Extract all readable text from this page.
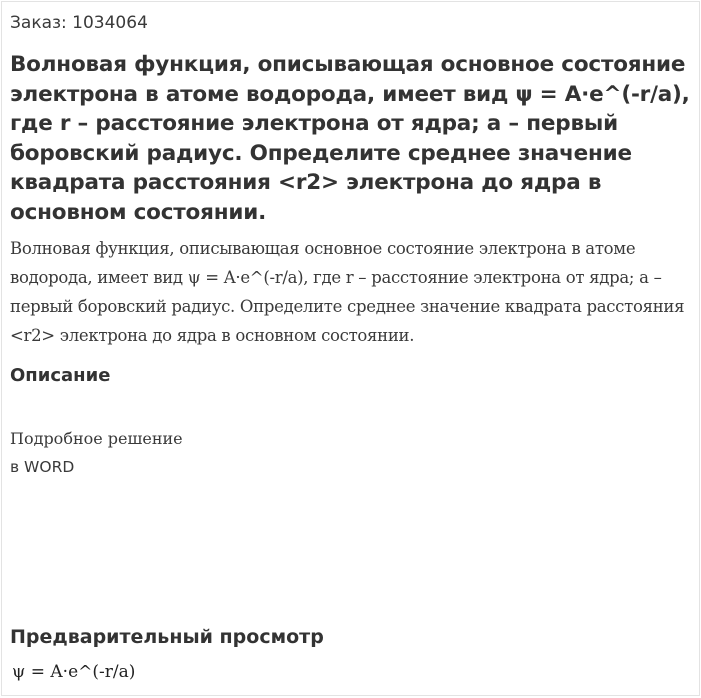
Заказ: 1034064
Волновая функция, описывающая основное состояние электрона в атоме водорода, имеет вид ψ = A·e^(-r/a), где r – расстояние электрона от ядра; a – первый боровский радиус. Определите среднее значение квадрата расстояния <r2> электрона до ядра в основном состоянии.

Волновая функция, описывающая основное состояние электрона в атоме водорода, имеет вид ψ = A·e^(-r/a), где r – расстояние электрона от ядра; a – первый боровский радиус. Определите среднее значение квадрата расстояния <r2> электрона до ядра в основном состоянии.

Описание
Подробное решение
в WORD
Предварительный просмотр
ψ = A·e^(-r/a)
